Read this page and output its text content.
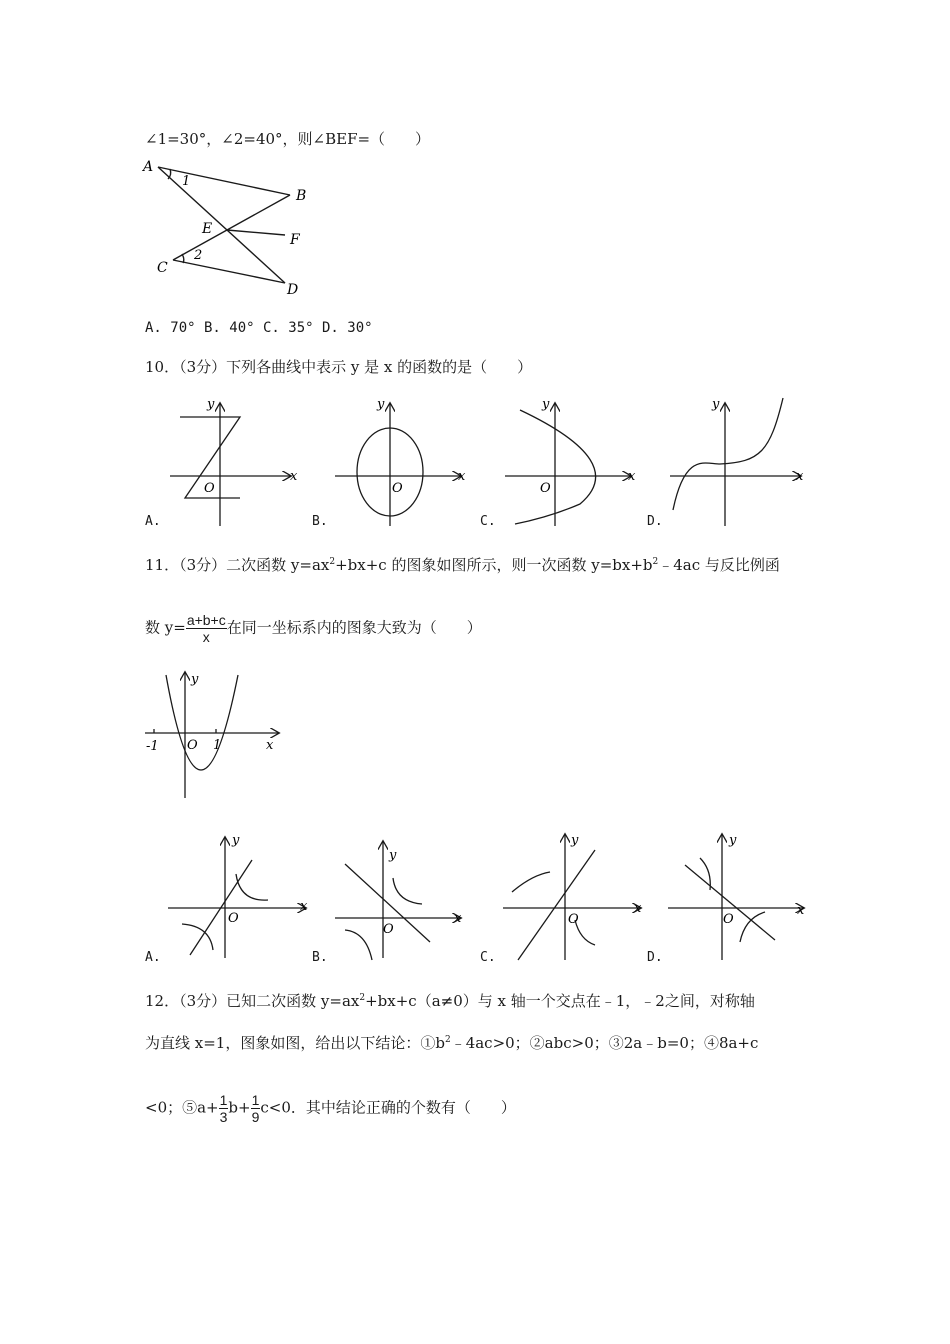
∠1=30°，∠2=40°，则∠BEF=（　　）
A
B
C
D
E
F
1
2
A. 70° B. 40° C. 35° D. 30°
10．（3分）下列各曲线中表示 y 是 x 的函数的是（　　）
y
x
O
y
x
O
y
x
O
y
x
A.	B.	C.	D.
11．（3分）二次函数 $y=ax^2+bx+c$ 的图象如图所示，则一次函数 $y=bx+b^2﹣4ac$ 与反比例函
数 $y= \frac{a+b+c}{x}$ 在同一坐标系内的图象大致为（　　）
-1 O 1	x
y
y
x
O
y
x
O
y
x
O
y
x
O
A.	B.	C.	D.
12．（3分）已知二次函数 $y=ax^2+bx+c(a\ne 0)$与 x 轴一个交点在﹣1，﹣2之间，对称轴
为直线 x=1，图象如图，给出以下结论：$①b^2﹣4ac>0$；②abc>0；③2a﹣b=0；④8a+c
<0；⑤a+ $\frac{1}{3} b+ \frac{1}{9} c<0$．其中结论正确的个数有（　　）
